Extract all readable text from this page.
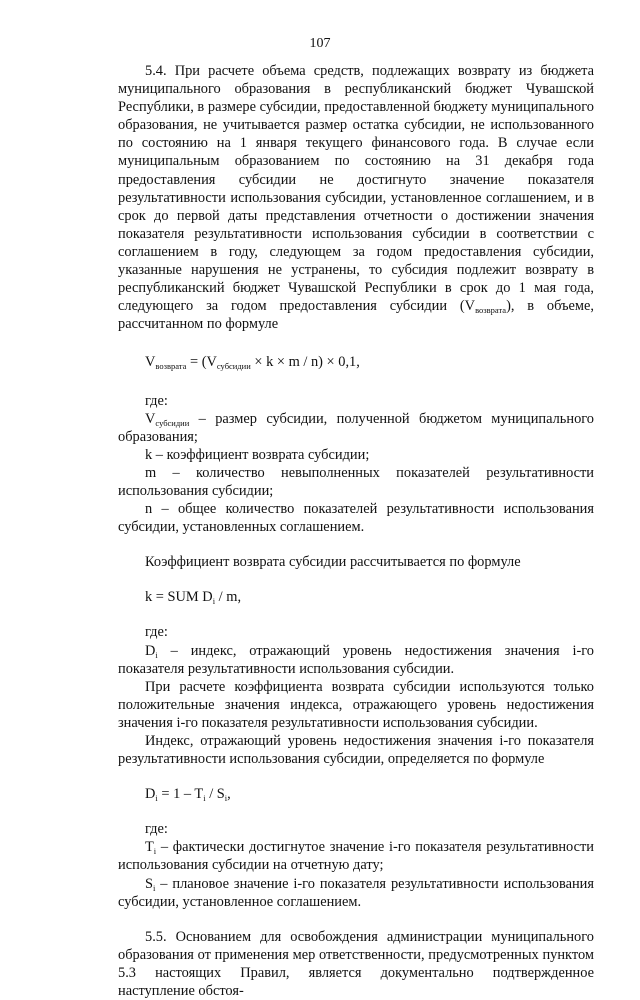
107

5.4. При расчете объема средств, подлежащих возврату из бюджета муниципального образования в республиканский бюджет Чувашской Республики, в размере субсидии, предоставленной бюджету муниципального образования, не учитывается размер остатка субсидии, не использованного по состоянию на 1 января текущего финансового года. В случае если муниципальным образованием по состоянию на 31 декабря года предоставления субсидии не достигнуто значение показателя результативности использования субсидии, установленное соглашением, и в срок до первой даты представления отчетности о достижении значения показателя результативности использования субсидии в соответствии с соглашением в году, следующем за годом предоставления субсидии, указанные нарушения не устранены, то субсидия подлежит возврату в республиканский бюджет Чувашской Республики в срок до 1 мая года, следующего за годом предоставления субсидии $(V_{возврата})$, в объеме, рассчитанном по формуле

$V_{возврата} = (V_{субсидии} \times k \times m / n) \times 0,1$,

где:

$V_{субсидии}$ – размер субсидии, полученной бюджетом муниципального образования;

k – коэффициент возврата субсидии;

m – количество невыполненных показателей результативности использования субсидии;

n – общее количество показателей результативности использования субсидии, установленных соглашением.

Коэффициент возврата субсидии рассчитывается по формуле

k = SUM $D_i$ / m,

где:

$D_i$ – индекс, отражающий уровень недостижения значения i-го показателя результативности использования субсидии.

При расчете коэффициента возврата субсидии используются только положительные значения индекса, отражающего уровень недостижения значения i-го показателя результативности использования субсидии.

Индекс, отражающий уровень недостижения значения i-го показателя результативности использования субсидии, определяется по формуле

$D_i = 1 - T_i / S_i$,

где:

$T_i$ – фактически достигнутое значение i-го показателя результативности использования субсидии на отчетную дату;

$S_i$ – плановое значение i-го показателя результативности использования субсидии, установленное соглашением.

5.5. Основанием для освобождения администрации муниципального образования от применения мер ответственности, предусмотренных пунктом 5.3 настоящих Правил, является документально подтвержденное наступление обстоя-
